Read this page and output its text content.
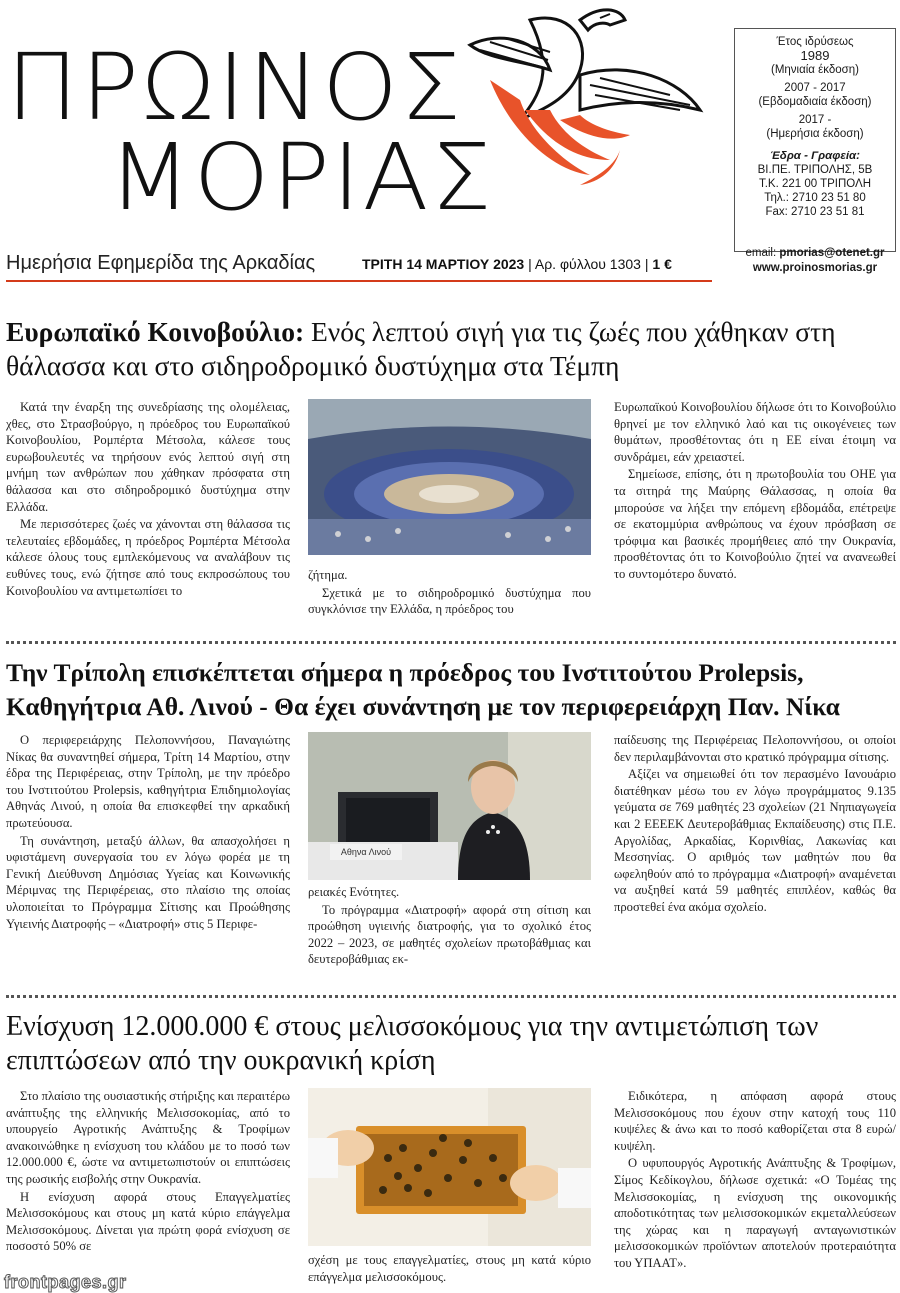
ΠΡΩΙΝΟΣ
ΜΟΡΙΑΣ
Ημερήσια Εφημερίδα της Αρκαδίας	ΤΡΙΤΗ 14 ΜΑΡΤΙΟΥ 2023 | Αρ. φύλλου 1303 | 1 €
Έτος ιδρύσεως
1989
(Μηνιαία έκδοση)
2007 - 2017
(Εβδομαδιαία έκδοση)
2017 -
(Ημερήσια έκδοση)
Έδρα - Γραφεία:
ΒΙ.ΠΕ. ΤΡΙΠΟΛΗΣ, 5Β
Τ.Κ. 221 00 ΤΡΙΠΟΛΗ
Τηλ.: 2710 23 51 80
Fax: 2710 23 51 81
email: pmorias@otenet.gr
www.proinosmorias.gr
Ευρωπαϊκό Κοινοβούλιο: Ενός λεπτού σιγή για τις ζωές που χάθηκαν στη θάλασσα και στο σιδηροδρομικό δυστύχημα στα Τέμπη

Κατά την έναρξη της συνεδρίασης της ολομέλειας, χθες, στο Στρασβούργο, η πρόεδρος του Ευρωπαϊκού Κοινοβουλίου, Ρομπέρτα Μέτσολα, κάλεσε τους ευρωβουλευτές να τηρήσουν ενός λεπτού σιγή στη μνήμη των ανθρώπων που χάθηκαν πρόσφατα στη θάλασσα και στο σιδηροδρομικό δυστύχημα στην Ελλάδα.

Με περισσότερες ζωές να χάνονται στη θάλασσα τις τελευταίες εβδομάδες, η πρόεδρος Ρομπέρτα Μέτσολα κάλεσε όλους τους εμπλεκόμενους να αναλάβουν τις ευθύνες τους, ενώ ζήτησε από τους εκπροσώπους του Κοινοβουλίου να αντιμετωπίσει το

ζήτημα.

Σχετικά με το σιδηροδρομικό δυστύχημα που συγκλόνισε την Ελλάδα, η πρόεδρος του

Ευρωπαϊκού Κοινοβουλίου δήλωσε ότι το Κοινοβούλιο θρηνεί με τον ελληνικό λαό και τις οικογένειες των θυμάτων, προσθέτοντας ότι η ΕΕ είναι έτοιμη να συνδράμει, εάν χρειαστεί.

Σημείωσε, επίσης, ότι η πρωτοβουλία του ΟΗΕ για τα σιτηρά της Μαύρης Θάλασσας, η οποία θα μπορούσε να λήξει την επόμενη εβδομάδα, επέτρεψε σε εκατομμύρια ανθρώπους να έχουν πρόσβαση σε τρόφιμα και βασικές προμήθειες από την Ουκρανία, προσθέτοντας ότι το Κοινοβούλιο ζητεί να ανανεωθεί το συντομότερο δυνατό.

Την Τρίπολη επισκέπτεται σήμερα η πρόεδρος του Ινστιτούτου Prolepsis, Καθηγήτρια Αθ. Λινού - Θα έχει συνάντηση με τον περιφερειάρχη Παν. Νίκα

Ο περιφερειάρχης Πελοποννήσου, Παναγιώτης Νίκας θα συναντηθεί σήμερα, Τρίτη 14 Μαρτίου, στην έδρα της Περιφέρειας, στην Τρίπολη, με την πρόεδρο του Ινστιτούτου Prolepsis, καθηγήτρια Επιδημιολογίας Αθηνάς Λινού, η οποία θα επισκεφθεί την αρκαδική πρωτεύουσα.

Τη συνάντηση, μεταξύ άλλων, θα απασχολήσει η υφιστάμενη συνεργασία του εν λόγω φορέα με τη Γενική Διεύθυνση Δημόσιας Υγείας και Κοινωνικής Μέριμνας της Περιφέρειας, στο πλαίσιο της οποίας υλοποιείται το Πρόγραμμα Σίτισης και Προώθησης Υγιεινής Διατροφής – «Διατροφή» στις 5 Περιφε-

Αθηνα Λινού

ρειακές Ενότητες.

Το πρόγραμμα «Διατροφή» αφορά στη σίτιση και προώθηση υγιεινής διατροφής, για το σχολικό έτος 2022 – 2023, σε μαθητές σχολείων πρωτοβάθμιας και δευτεροβάθμιας εκ-

παίδευσης της Περιφέρειας Πελοποννήσου, οι οποίοι δεν περιλαμβάνονται στο κρατικό πρόγραμμα σίτισης.

Αξίζει να σημειωθεί ότι τον περασμένο Ιανουάριο διατέθηκαν μέσω του εν λόγω προγράμματος 9.135 γεύματα σε 769 μαθητές 23 σχολείων (21 Νηπιαγωγεία και 2 ΕΕΕΕΚ Δευτεροβάθμιας Εκπαίδευσης) στις Π.Ε. Αργολίδας, Αρκαδίας, Κορινθίας, Λακωνίας και Μεσσηνίας. Ο αριθμός των μαθητών που θα ωφεληθούν από το πρόγραμμα «Διατροφή» αναμένεται να αυξηθεί κατά 59 μαθητές επιπλέον, καθώς θα προστεθεί ένα ακόμα σχολείο.

Ενίσχυση 12.000.000 € στους μελισσοκόμους για την αντιμετώπιση των επιπτώσεων από την ουκρανική κρίση

Στο πλαίσιο της ουσιαστικής στήριξης και περαιτέρω ανάπτυξης της ελληνικής Μελισσοκομίας, από το υπουργείο Αγροτικής Ανάπτυξης & Τροφίμων ανακοινώθηκε η ενίσχυση του κλάδου με το ποσό των 12.000.000 €, ώστε να αντιμετωπιστούν οι επιπτώσεις της ρωσικής εισβολής στην Ουκρανία.

Η ενίσχυση αφορά στους Επαγγελματίες Μελισσοκόμους και στους μη κατά κύριο επάγγελμα Μελισσοκόμους. Δίνεται για πρώτη φορά ενίσχυση σε ποσοστό 50% σε

σχέση με τους επαγγελματίες, στους μη κατά κύριο επάγγελμα μελισσοκόμους.

Ειδικότερα, η απόφαση αφορά στους Μελισσοκόμους που έχουν στην κατοχή τους 110 κυψέλες & άνω και το ποσό καθορίζεται στα 8 ευρώ/ κυψέλη.

Ο υφυπουργός Αγροτικής Ανάπτυξης & Τροφίμων, Σίμος Κεδίκογλου, δήλωσε σχετικά: «Ο Τομέας της Μελισσοκομίας, η ενίσχυση της οικονομικής αποδοτικότητας των μελισσοκομικών εκμεταλλεύσεων της χώρας και η παραγωγή ανταγωνιστικών μελισσοκομικών προϊόντων αποτελούν προτεραιότητα του ΥΠΑΑΤ».

frontpages.gr
